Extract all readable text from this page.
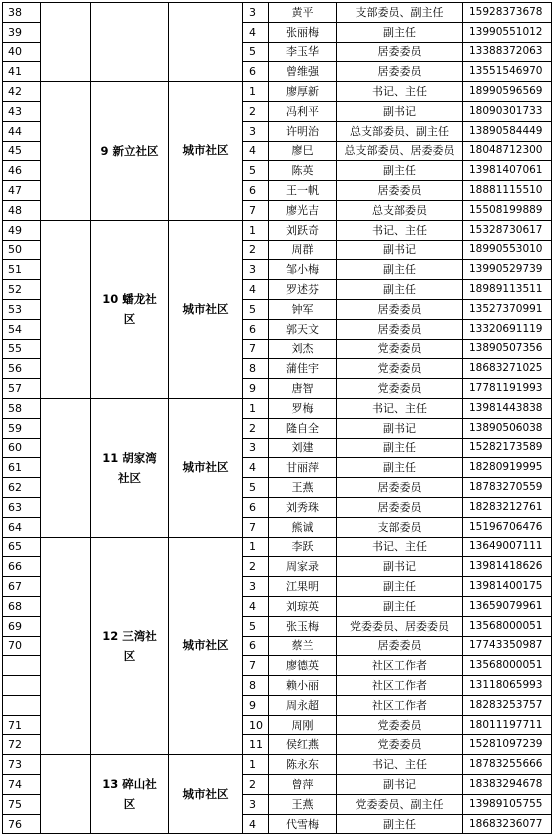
38				3	黄平	支部委员、副主任	15928373678
39				4	张丽梅	副主任	13990551012
40				5	李玉华	居委委员	13388372063
41				6	曾维强	居委委员	13551546970
42		9 新立社区	城市社区	1	廖厚新	书记、主任	18990596569
43				2	冯利平	副书记	18090301733
44				3	许明治	总支部委员、副主任	13890584449
45				4	廖巳	总支部委员、居委委员	18048712300
46				5	陈英	副主任	13981407061
47				6	王一帆	居委委员	18881115510
48				7	廖光吉	总支部委员	15508199889
49		10 蟠龙社区	城市社区	1	刘跃奇	书记、主任	15328730617
50				2	周群	副书记	18990553010
51				3	邹小梅	副主任	13990529739
52				4	罗述芬	副主任	18989113511
53				5	钟军	居委委员	13527370991
54				6	郭天文	居委委员	13320691119
55				7	刘杰	党委委员	13890507356
56				8	蒲佳宇	党委委员	18683271025
57				9	唐智	党委委员	17781191993
58		11 胡家湾社区	城市社区	1	罗梅	书记、主任	13981443838
59				2	隆自全	副书记	13890506038
60				3	刘建	副主任	15282173589
61				4	甘丽萍	副主任	18280919995
62				5	王燕	居委委员	18783270559
63				6	刘秀珠	居委委员	18283212761
64				7	熊诚	支部委员	15196706476
65		12 三湾社区	城市社区	1	李跃	书记、主任	13649007111
66				2	周家录	副书记	13981418626
67				3	江果明	副主任	13981400175
68				4	刘琼英	副主任	13659079961
69				5	张玉梅	党委委员、居委委员	13568000051
70				6	蔡兰	居委委员	17743350987
				7	廖德英	社区工作者	13568000051
				8	赖小丽	社区工作者	13118065993
				9	周永超	社区工作者	18283253757
71				10	周刚	党委委员	18011197711
72				11	侯红燕	党委委员	15281097239
73		13 碎山社区	城市社区	1	陈永东	书记、主任	18783255666
74				2	曾萍	副书记	18383294678
75				3	王燕	党委委员、副主任	13989105755
76				4	代雪梅	副主任	18683236077
